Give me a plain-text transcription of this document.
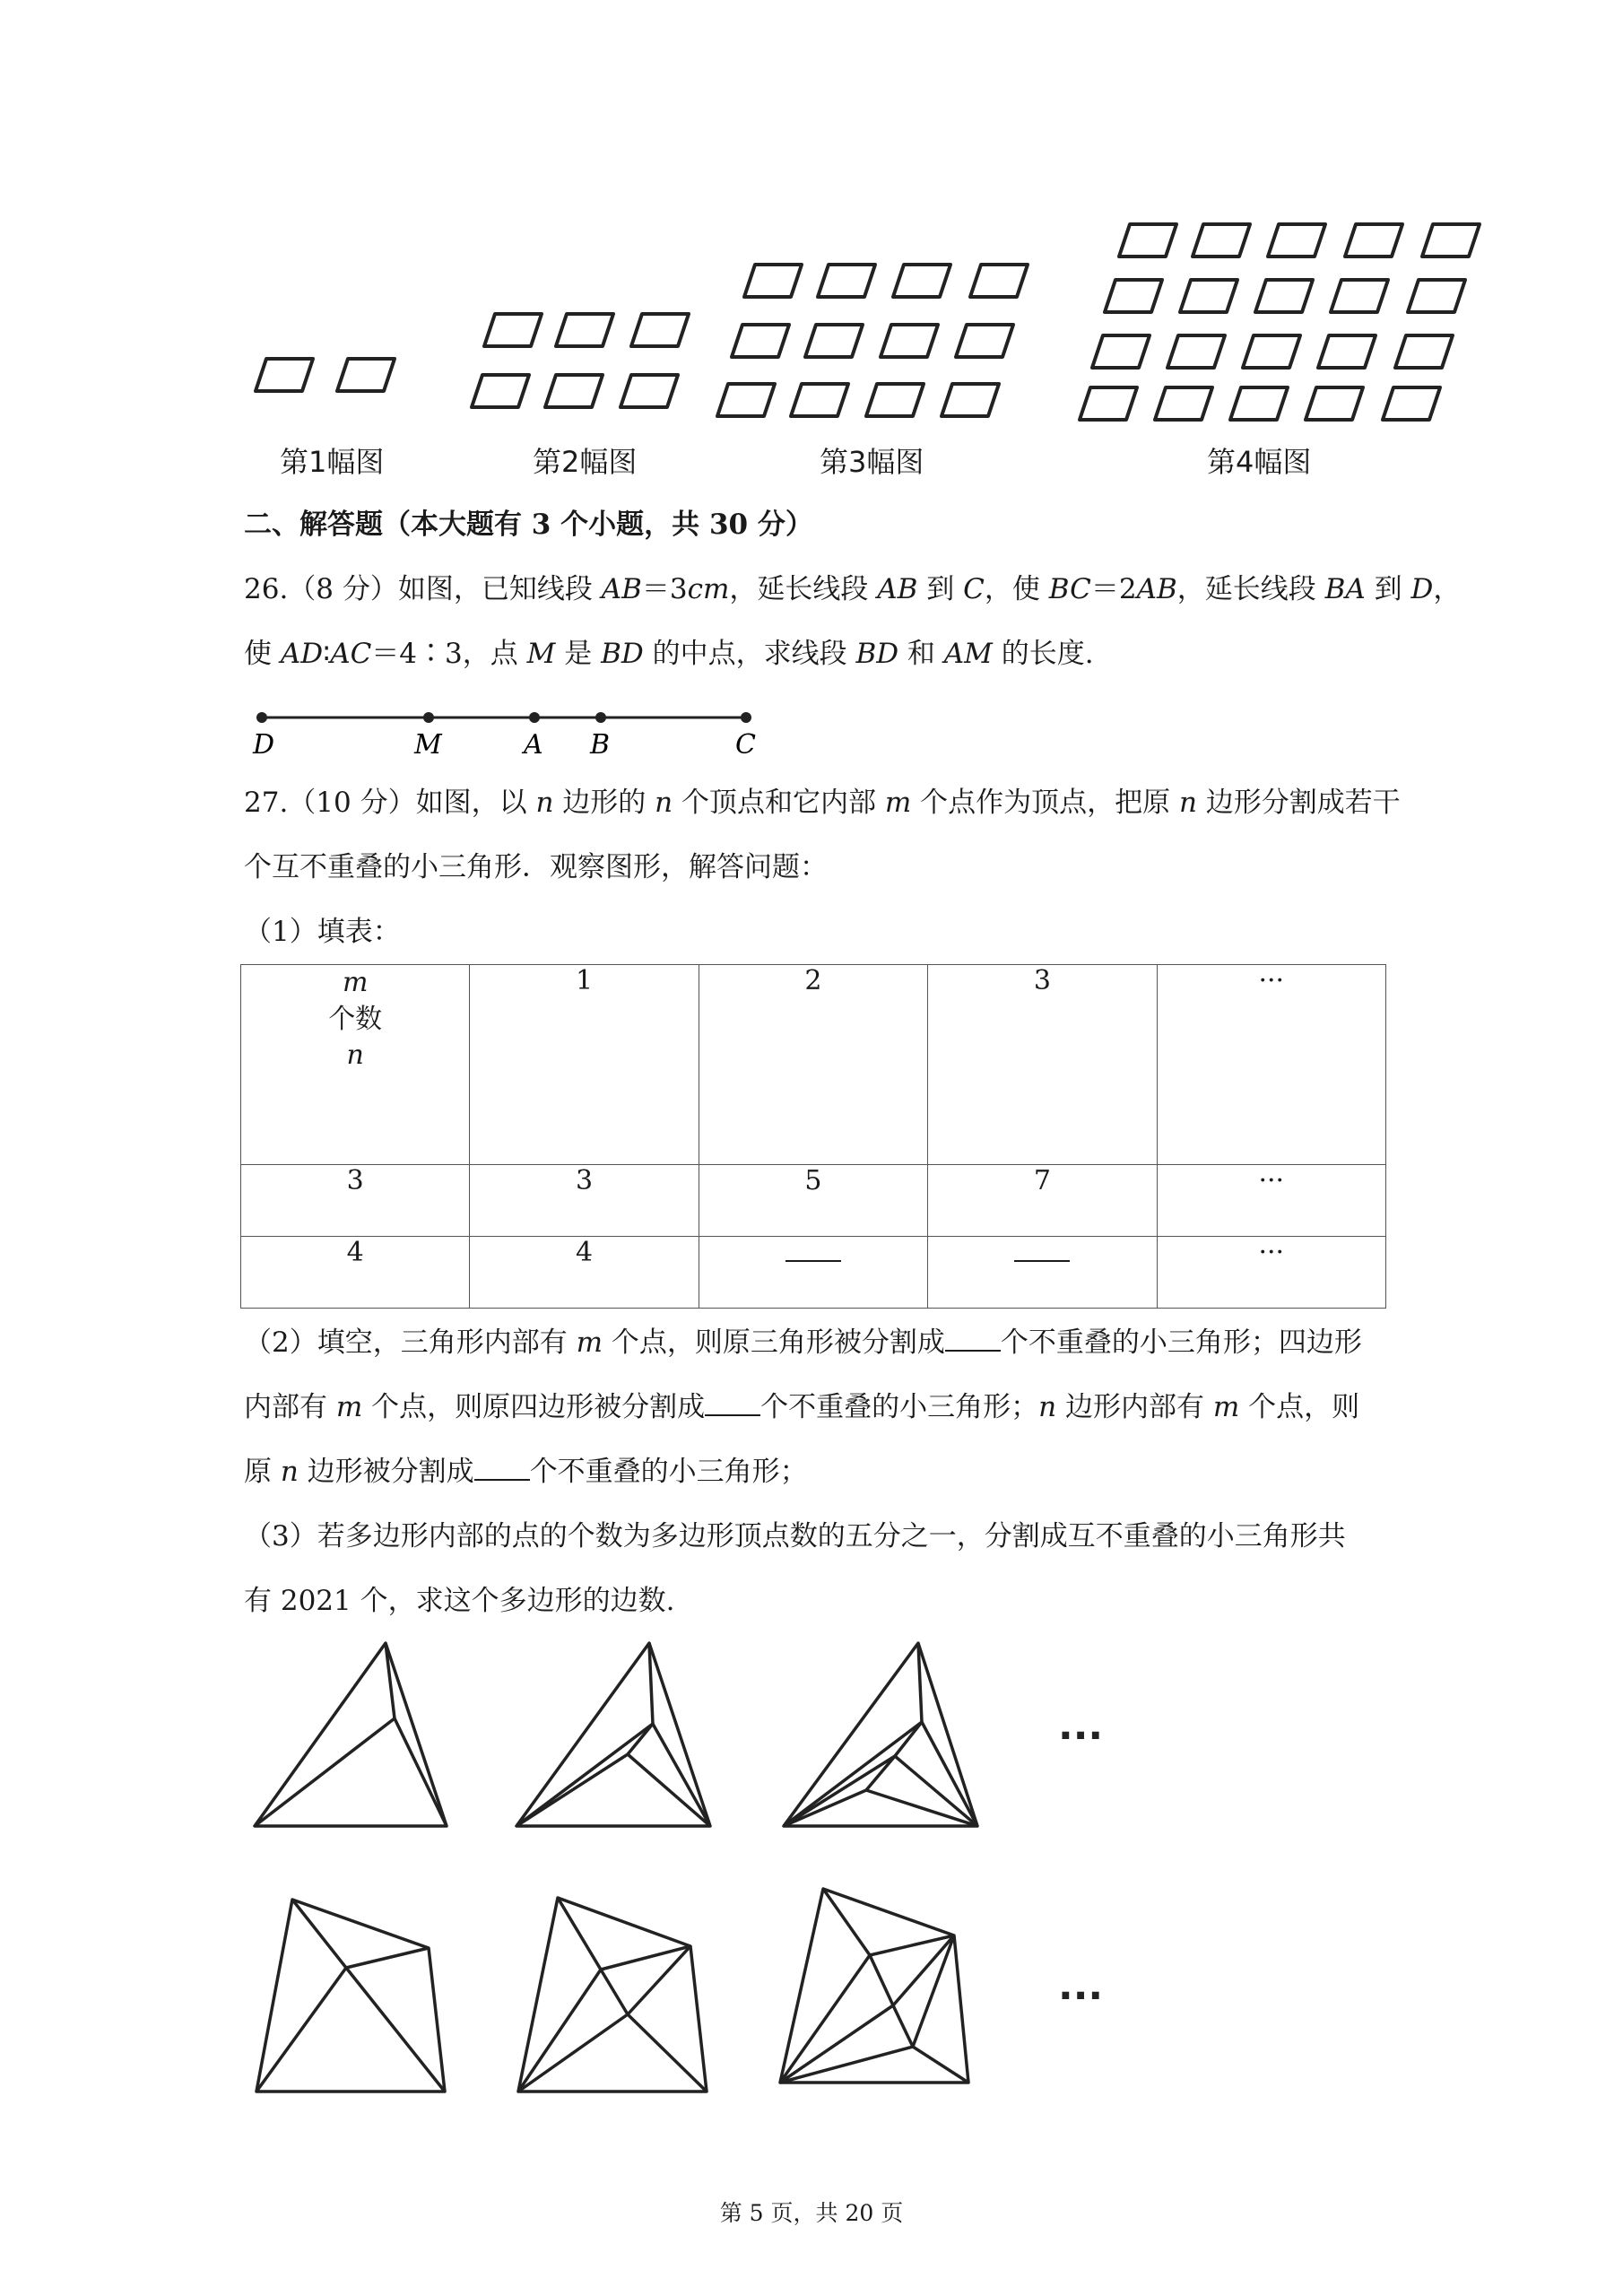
第1幅图	第2幅图	第3幅图	第4幅图
二、解答题（本大题有 3 个小题，共 30 分）
26.（8 分）如图，已知线段 AB＝3cm，延长线段 AB 到 C，使 BC＝2AB，延长线段 BA 到 D，
使 AD∶AC＝4∶3，点 M 是 BD 的中点，求线段 BD 和 AM 的长度.
D	M	A B	C
27.（10 分）如图，以 n 边形的 n 个顶点和它内部 m 个点作为顶点，把原 n 边形分割成若干
个互不重叠的小三角形．观察图形，解答问题：
（1）填表：
m
个数
n	1	2	3	···
3	3	5	7	···
4	4			···
（2）填空，三角形内部有 m 个点，则原三角形被分割成 个不重叠的小三角形；四边形
内部有 m 个点，则原四边形被分割成 个不重叠的小三角形；n 边形内部有 m 个点，则
原 n 边形被分割成 个不重叠的小三角形；
（3）若多边形内部的点的个数为多边形顶点数的五分之一，分割成互不重叠的小三角形共
有 2021 个，求这个多边形的边数.
···
···
第 5 页，共 20 页
